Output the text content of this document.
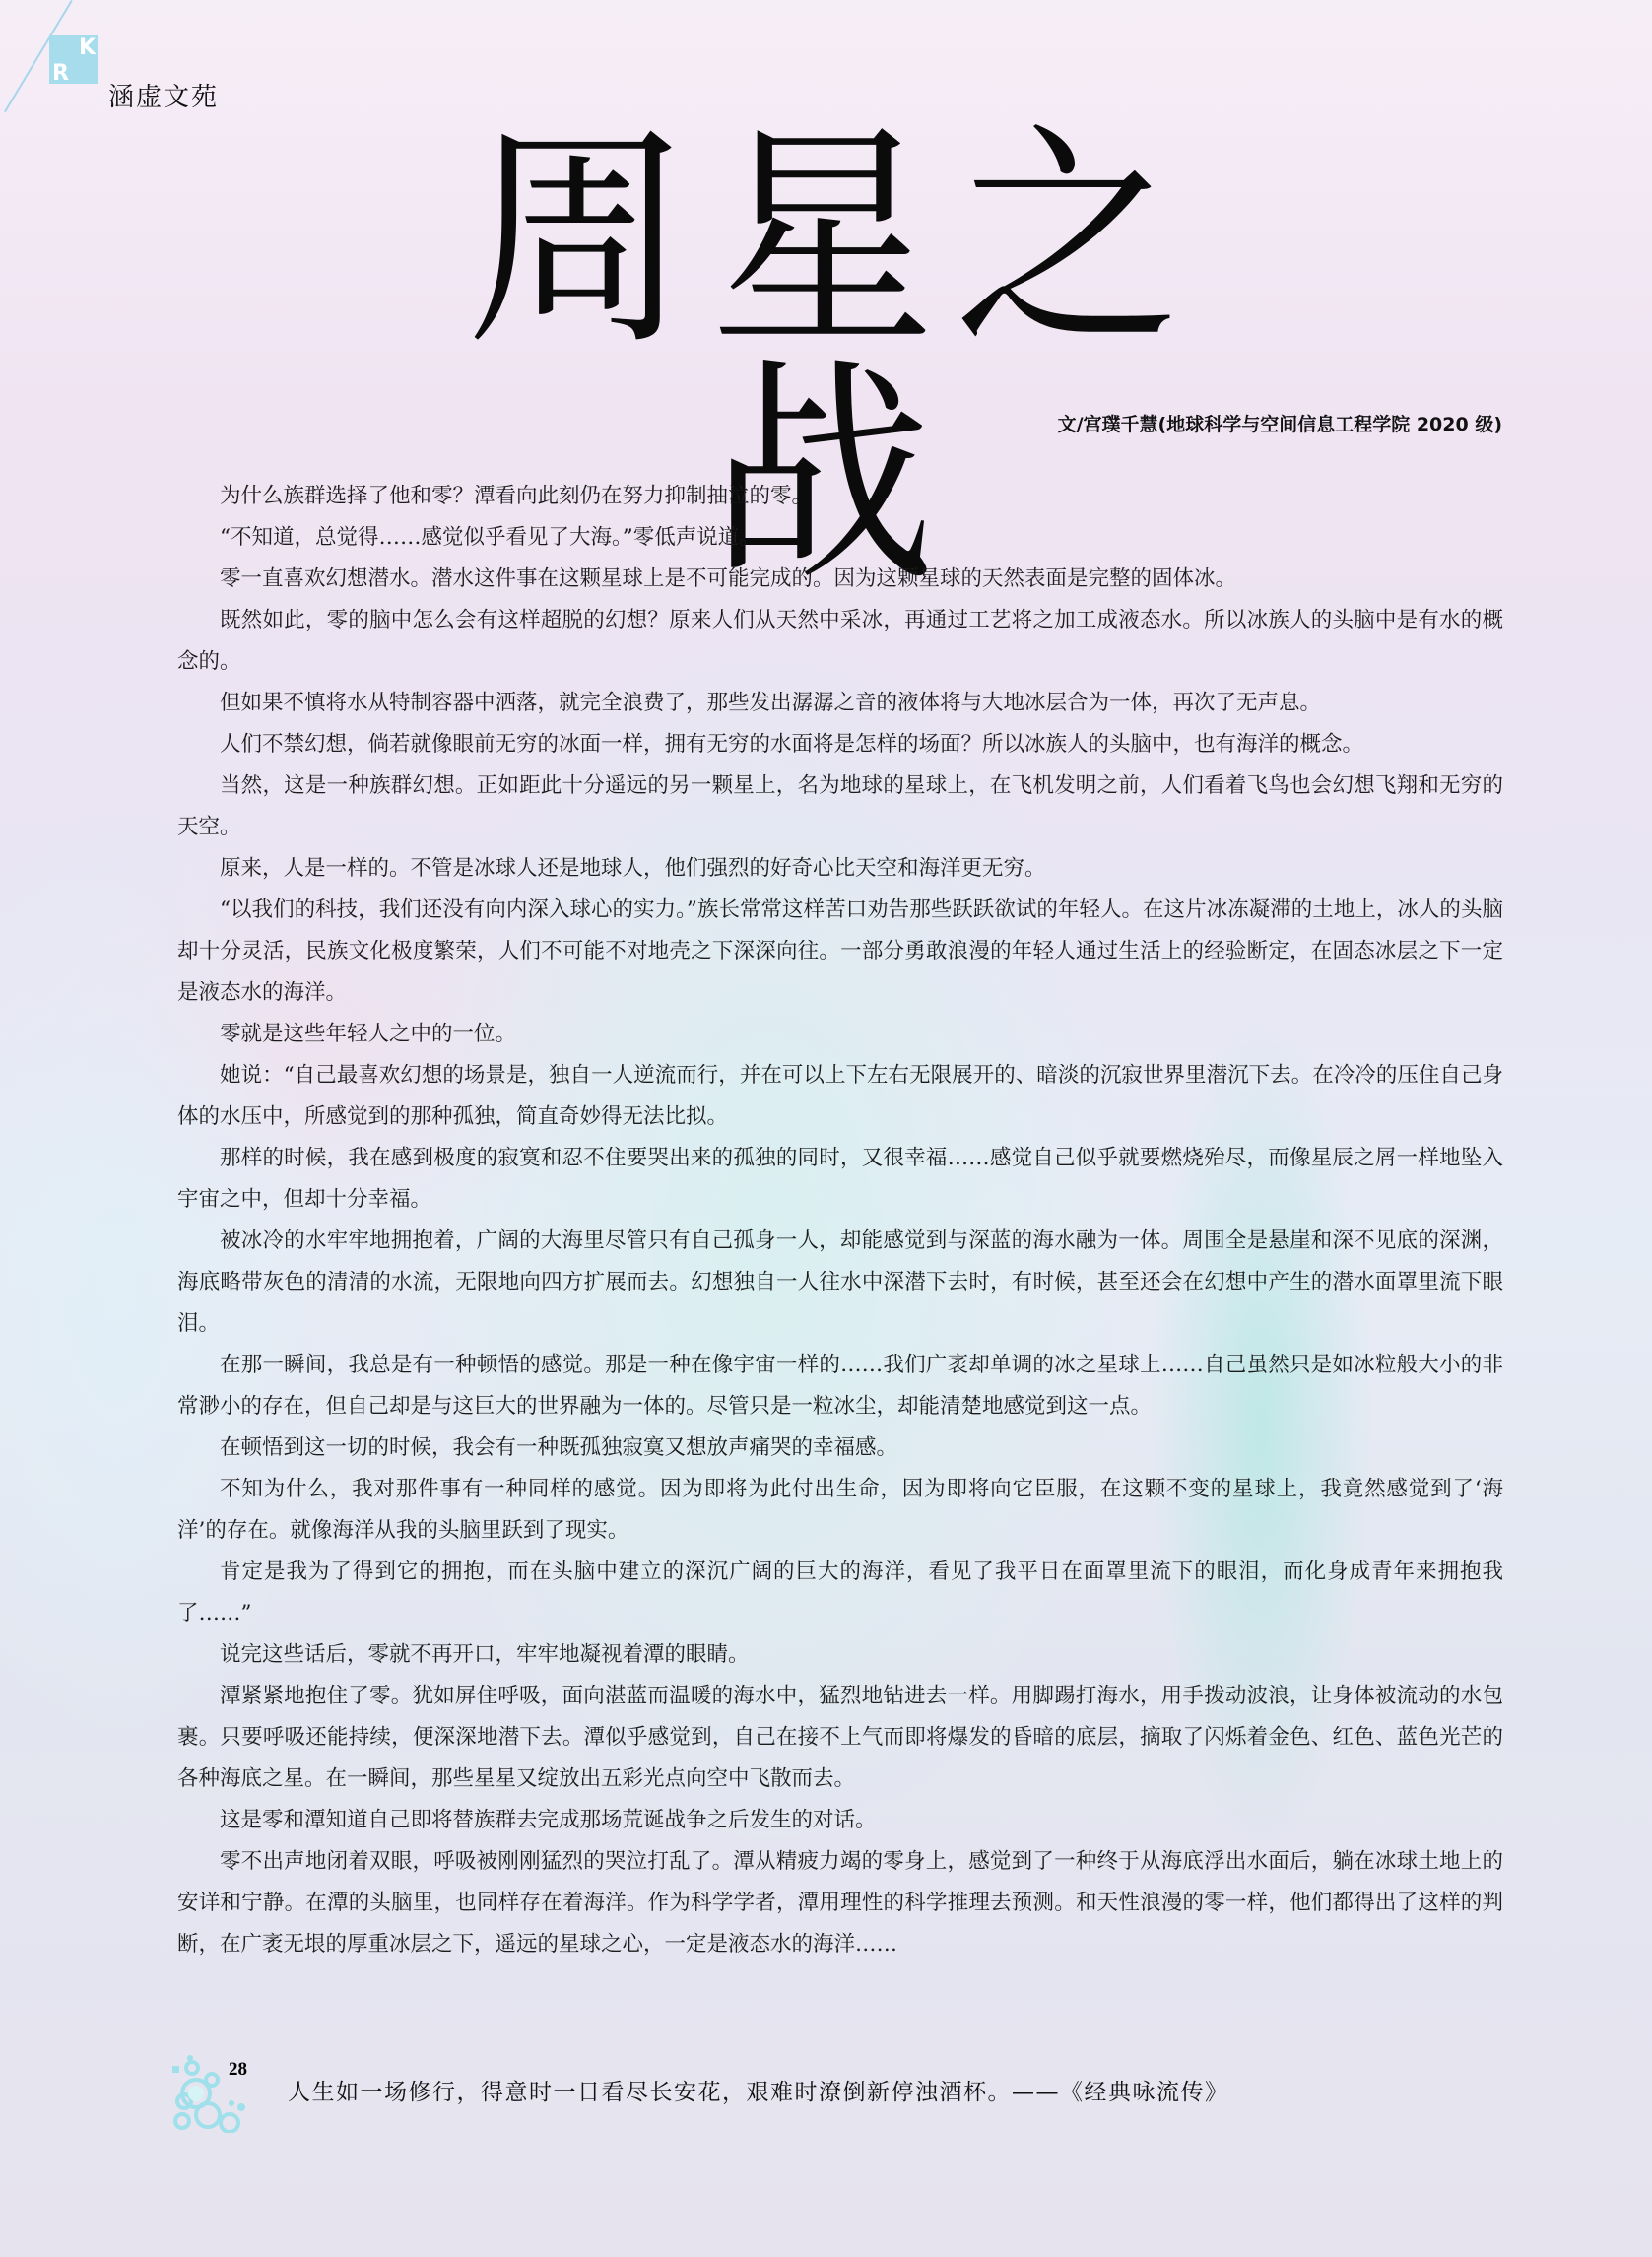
K
R
涵虚文苑
周星之战	文/宫璞千慧(地球科学与空间信息工程学院 2020 级)

为什么族群选择了他和零？潭看向此刻仍在努力抑制抽泣的零。

“不知道，总觉得……感觉似乎看见了大海。”零低声说道。

零一直喜欢幻想潜水。潜水这件事在这颗星球上是不可能完成的。因为这颗星球的天然表面是完整的固体冰。

既然如此，零的脑中怎么会有这样超脱的幻想？原来人们从天然中采冰，再通过工艺将之加工成液态水。所以冰族人的头脑中是有水的概念的。

但如果不慎将水从特制容器中洒落，就完全浪费了，那些发出潺潺之音的液体将与大地冰层合为一体，再次了无声息。

人们不禁幻想，倘若就像眼前无穷的冰面一样，拥有无穷的水面将是怎样的场面？所以冰族人的头脑中，也有海洋的概念。

当然，这是一种族群幻想。正如距此十分遥远的另一颗星上，名为地球的星球上，在飞机发明之前，人们看着飞鸟也会幻想飞翔和无穷的天空。

原来，人是一样的。不管是冰球人还是地球人，他们强烈的好奇心比天空和海洋更无穷。

“以我们的科技，我们还没有向内深入球心的实力。”族长常常这样苦口劝告那些跃跃欲试的年轻人。在这片冰冻凝滞的土地上，冰人的头脑却十分灵活，民族文化极度繁荣，人们不可能不对地壳之下深深向往。一部分勇敢浪漫的年轻人通过生活上的经验断定，在固态冰层之下一定是液态水的海洋。

零就是这些年轻人之中的一位。

她说：“自己最喜欢幻想的场景是，独自一人逆流而行，并在可以上下左右无限展开的、暗淡的沉寂世界里潜沉下去。在冷冷的压住自己身体的水压中，所感觉到的那种孤独，简直奇妙得无法比拟。

那样的时候，我在感到极度的寂寞和忍不住要哭出来的孤独的同时，又很幸福……感觉自己似乎就要燃烧殆尽，而像星辰之屑一样地坠入宇宙之中，但却十分幸福。

被冰冷的水牢牢地拥抱着，广阔的大海里尽管只有自己孤身一人，却能感觉到与深蓝的海水融为一体。周围全是悬崖和深不见底的深渊，海底略带灰色的清清的水流，无限地向四方扩展而去。幻想独自一人往水中深潜下去时，有时候，甚至还会在幻想中产生的潜水面罩里流下眼泪。

在那一瞬间，我总是有一种顿悟的感觉。那是一种在像宇宙一样的……我们广袤却单调的冰之星球上……自己虽然只是如冰粒般大小的非常渺小的存在，但自己却是与这巨大的世界融为一体的。尽管只是一粒冰尘，却能清楚地感觉到这一点。

在顿悟到这一切的时候，我会有一种既孤独寂寞又想放声痛哭的幸福感。

不知为什么，我对那件事有一种同样的感觉。因为即将为此付出生命，因为即将向它臣服，在这颗不变的星球上，我竟然感觉到了‘海洋’的存在。就像海洋从我的头脑里跃到了现实。

肯定是我为了得到它的拥抱，而在头脑中建立的深沉广阔的巨大的海洋，看见了我平日在面罩里流下的眼泪，而化身成青年来拥抱我了……”

说完这些话后，零就不再开口，牢牢地凝视着潭的眼睛。

潭紧紧地抱住了零。犹如屏住呼吸，面向湛蓝而温暖的海水中，猛烈地钻进去一样。用脚踢打海水，用手拨动波浪，让身体被流动的水包裹。只要呼吸还能持续，便深深地潜下去。潭似乎感觉到，自己在接不上气而即将爆发的昏暗的底层，摘取了闪烁着金色、红色、蓝色光芒的各种海底之星。在一瞬间，那些星星又绽放出五彩光点向空中飞散而去。

这是零和潭知道自己即将替族群去完成那场荒诞战争之后发生的对话。

零不出声地闭着双眼，呼吸被刚刚猛烈的哭泣打乱了。潭从精疲力竭的零身上，感觉到了一种终于从海底浮出水面后，躺在冰球土地上的安详和宁静。在潭的头脑里，也同样存在着海洋。作为科学学者，潭用理性的科学推理去预测。和天性浪漫的零一样，他们都得出了这样的判断，在广袤无垠的厚重冰层之下，遥远的星球之心，一定是液态水的海洋……

28
人生如一场修行，得意时一日看尽长安花，艰难时潦倒新停浊酒杯。——《经典咏流传》
